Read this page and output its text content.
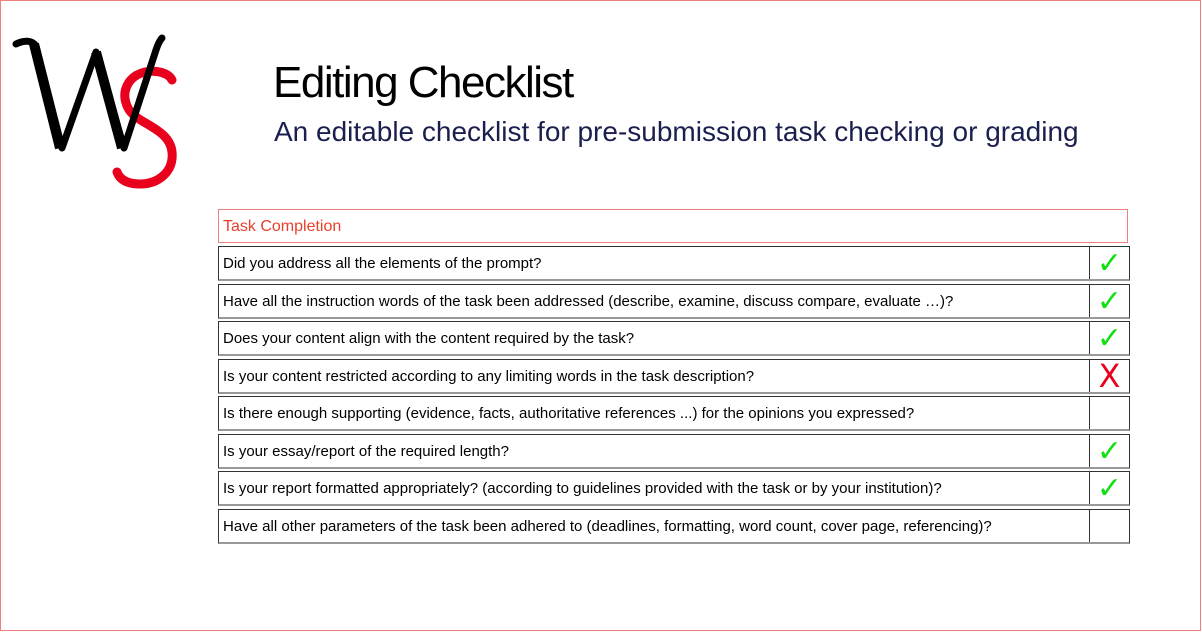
Editing Checklist
An editable checklist for pre-submission task checking or grading
Task Completion
Did you address all the elements of the prompt?	✓
Have all the instruction words of the task been addressed (describe, examine, discuss compare, evaluate …)?	✓
Does your content align with the content required by the task?	✓
Is your content restricted according to any limiting words in the task description?	X
Is there enough supporting (evidence, facts, authoritative references ...) for the opinions you expressed?
Is your essay/report of the required length?	✓
Is your report formatted appropriately? (according to guidelines provided with the task or by your institution)?	✓
Have all other parameters of the task been adhered to (deadlines, formatting, word count, cover page, referencing)?
